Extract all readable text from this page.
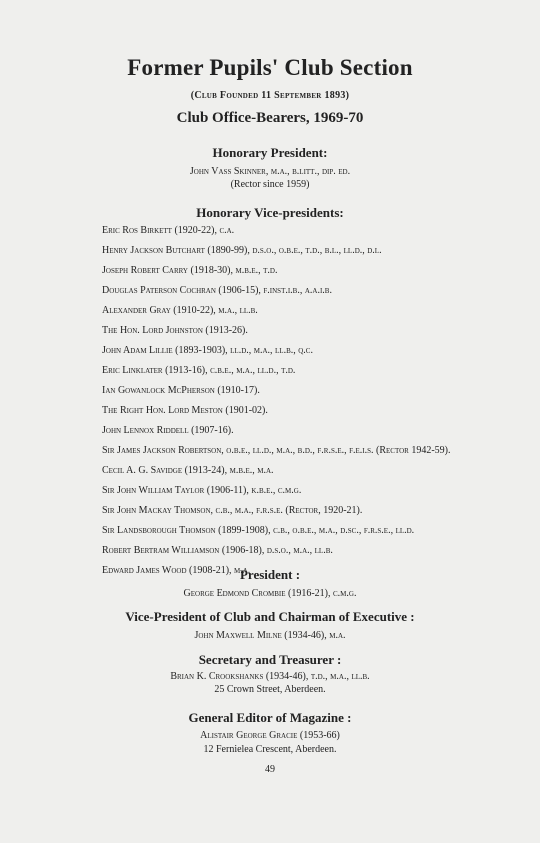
Former Pupils' Club Section
(Club Founded 11 September 1893)
Club Office-Bearers, 1969-70
Honorary President:
John Vass Skinner, m.a., b.litt., dip. ed.
(Rector since 1959)
Honorary Vice-presidents:
Eric Ros Birkett (1920-22), c.a.
Henry Jackson Butchart (1890-99), d.s.o., o.b.e., t.d., b.l., ll.d., d.l.
Joseph Robert Carry (1918-30), m.b.e., t.d.
Douglas Paterson Cochran (1906-15), f.inst.i.b., a.a.i.b.
Alexander Gray (1910-22), m.a., ll.b.
The Hon. Lord Johnston (1913-26).
John Adam Lillie (1893-1903), ll.d., m.a., ll.b., q.c.
Eric Linklater (1913-16), c.b.e., m.a., ll.d., t.d.
Ian Gowanlock McPherson (1910-17).
The Right Hon. Lord Meston (1901-02).
John Lennox Riddell (1907-16).
Sir James Jackson Robertson, o.b.e., ll.d., m.a., b.d., f.r.s.e., f.e.i.s. (Rector 1942-59).
Cecil A. G. Savidge (1913-24), m.b.e., m.a.
Sir John William Taylor (1906-11), k.b.e., c.m.g.
Sir John Mackay Thomson, c.b., m.a., f.r.s.e. (Rector, 1920-21).
Sir Landsborough Thomson (1899-1908), c.b., o.b.e., m.a., d.sc., f.r.s.e., ll.d.
Robert Bertram Williamson (1906-18), d.s.o., m.a., ll.b.
Edward James Wood (1908-21), m.a.
President :
George Edmond Crombie (1916-21), c.m.g.
Vice-President of Club and Chairman of Executive :
John Maxwell Milne (1934-46), m.a.
Secretary and Treasurer :
Brian K. Crookshanks (1934-46), t.d., m.a., ll.b.
25 Crown Street, Aberdeen.
General Editor of Magazine :
Alistair George Gracie (1953-66)
12 Fernielea Crescent, Aberdeen.
49
